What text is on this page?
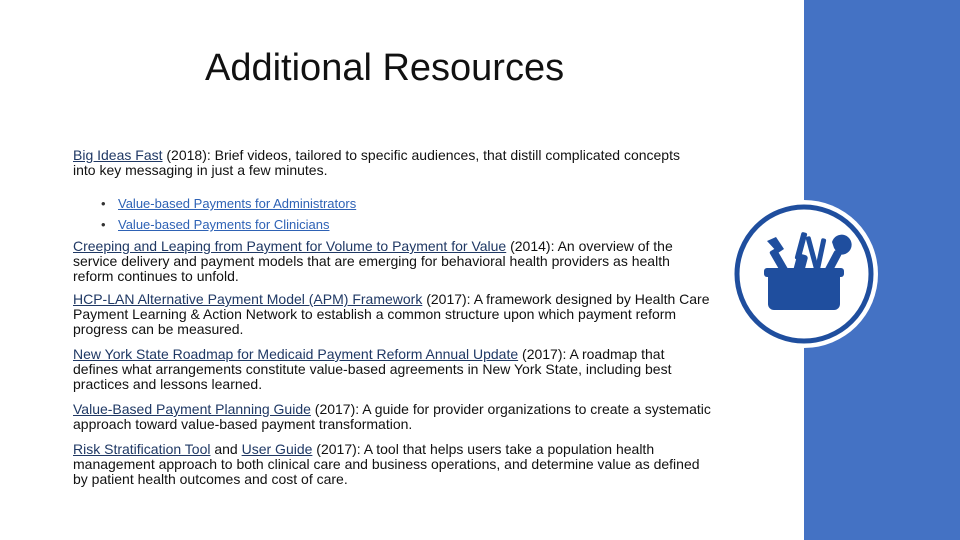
Additional Resources

Big Ideas Fast (2018): Brief videos, tailored to specific audiences, that distill complicated concepts into key messaging in just a few minutes.

• Value-based Payments for Administrators
• Value-based Payments for Clinicians

Creeping and Leaping from Payment for Volume to Payment for Value (2014): An overview of the service delivery and payment models that are emerging for behavioral health providers as health reform continues to unfold.

HCP-LAN Alternative Payment Model (APM) Framework (2017): A framework designed by Health Care Payment Learning & Action Network to establish a common structure upon which payment reform progress can be measured.

New York State Roadmap for Medicaid Payment Reform Annual Update (2017): A roadmap that defines what arrangements constitute value-based agreements in New York State, including best practices and lessons learned.

Value-Based Payment Planning Guide (2017): A guide for provider organizations to create a systematic approach toward value-based payment transformation.

Risk Stratification Tool and User Guide (2017): A tool that helps users take a population health management approach to both clinical care and business operations, and determine value as defined by patient health outcomes and cost of care.
